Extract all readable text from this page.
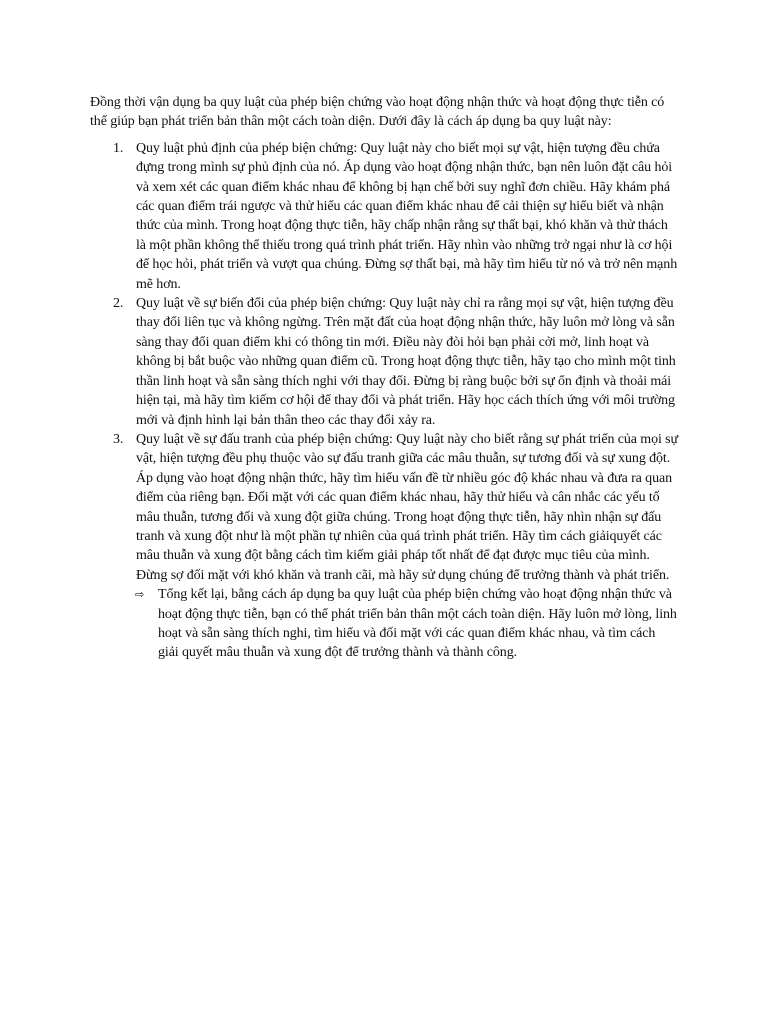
Đồng thời vận dụng ba quy luật của phép biện chứng vào hoạt động nhận thức và hoạt động thực tiễn có thể giúp bạn phát triển bản thân một cách toàn diện. Dưới đây là cách áp dụng ba quy luật này:

1. Quy luật phủ định của phép biện chứng: Quy luật này cho biết mọi sự vật, hiện tượng đều chứa đựng trong mình sự phủ định của nó. Áp dụng vào hoạt động nhận thức, bạn nên luôn đặt câu hỏi và xem xét các quan điểm khác nhau để không bị hạn chế bởi suy nghĩ đơn chiều. Hãy khám phá các quan điểm trái ngược và thử hiểu các quan điểm khác nhau để cải thiện sự hiểu biết và nhận thức của mình. Trong hoạt động thực tiễn, hãy chấp nhận rằng sự thất bại, khó khăn và thử thách là một phần không thể thiếu trong quá trình phát triển. Hãy nhìn vào những trở ngại như là cơ hội để học hỏi, phát triển và vượt qua chúng. Đừng sợ thất bại, mà hãy tìm hiểu từ nó và trở nên mạnh mẽ hơn.
2. Quy luật về sự biến đổi của phép biện chứng: Quy luật này chỉ ra rằng mọi sự vật, hiện tượng đều thay đổi liên tục và không ngừng. Trên mặt đất của hoạt động nhận thức, hãy luôn mở lòng và sẵn sàng thay đổi quan điểm khi có thông tin mới. Điều này đòi hỏi bạn phải cởi mở, linh hoạt và không bị bắt buộc vào những quan điểm cũ. Trong hoạt động thực tiễn, hãy tạo cho mình một tinh thần linh hoạt và sẵn sàng thích nghi với thay đổi. Đừng bị ràng buộc bởi sự ổn định và thoải mái hiện tại, mà hãy tìm kiếm cơ hội để thay đổi và phát triển. Hãy học cách thích ứng với môi trường mới và định hình lại bản thân theo các thay đổi xảy ra.
3. Quy luật về sự đấu tranh của phép biện chứng: Quy luật này cho biết rằng sự phát triển của mọi sự vật, hiện tượng đều phụ thuộc vào sự đấu tranh giữa các mâu thuẫn, sự tương đối và sự xung đột. Áp dụng vào hoạt động nhận thức, hãy tìm hiểu vấn đề từ nhiều góc độ khác nhau và đưa ra quan điểm của riêng bạn. Đối mặt với các quan điểm khác nhau, hãy thử hiểu và cân nhắc các yếu tố mâu thuẫn, tương đối và xung đột giữa chúng. Trong hoạt động thực tiễn, hãy nhìn nhận sự đấu tranh và xung đột như là một phần tự nhiên của quá trình phát triển. Hãy tìm cách giảiquyết các mâu thuẫn và xung đột bằng cách tìm kiếm giải pháp tốt nhất để đạt được mục tiêu của mình. Đừng sợ đối mặt với khó khăn và tranh cãi, mà hãy sử dụng chúng để trưởng thành và phát triển.
⇨ Tổng kết lại, bằng cách áp dụng ba quy luật của phép biện chứng vào hoạt động nhận thức và hoạt động thực tiễn, bạn có thể phát triển bản thân một cách toàn diện. Hãy luôn mở lòng, linh hoạt và sẵn sàng thích nghi, tìm hiểu và đối mặt với các quan điểm khác nhau, và tìm cách giải quyết mâu thuẫn và xung đột để trưởng thành và thành công.
